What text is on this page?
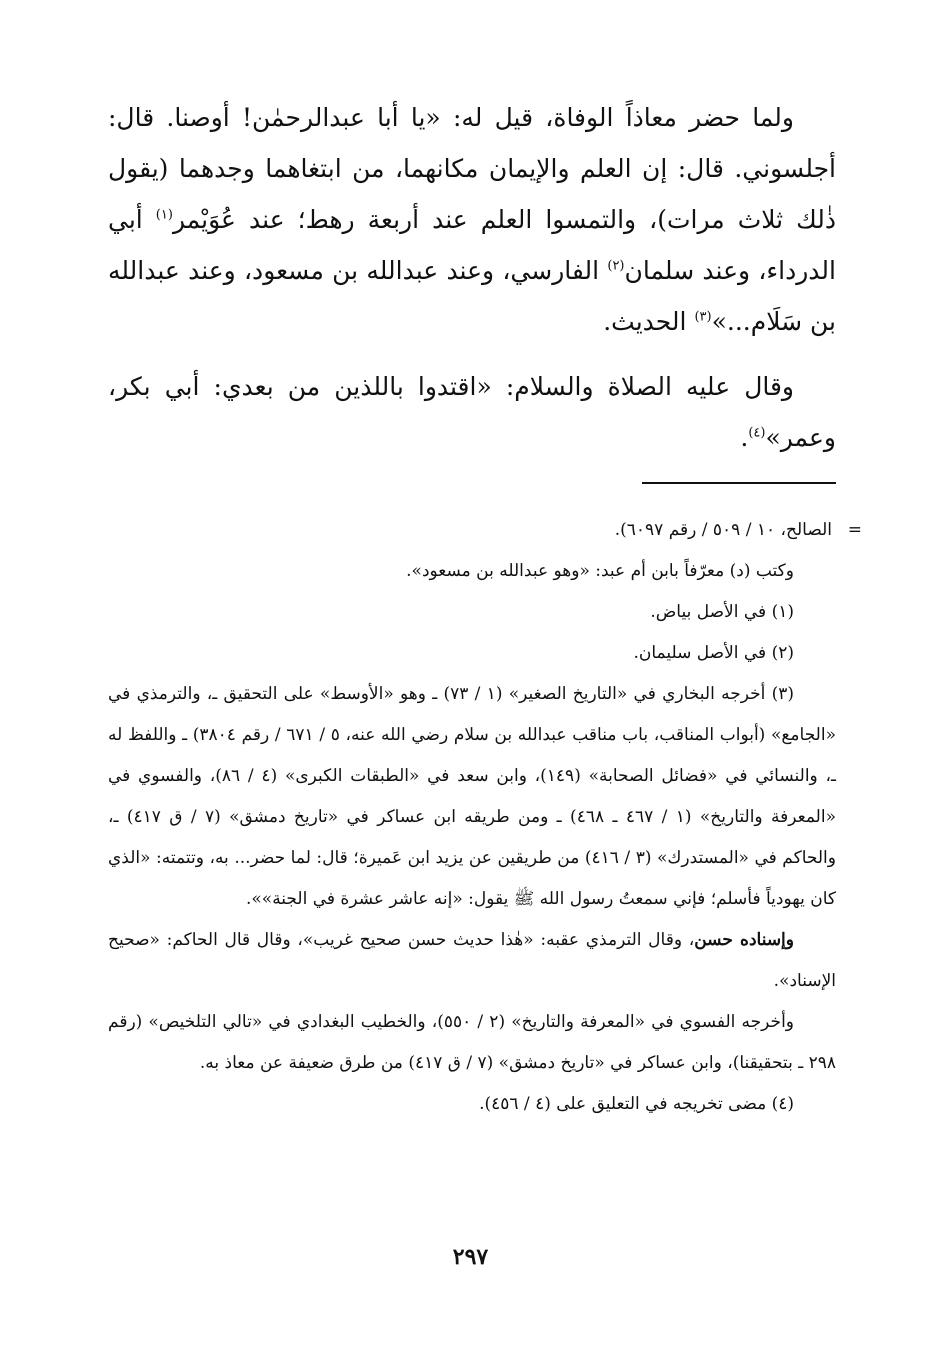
ولما حضر معاذاً الوفاة، قيل له: «يا أبا عبدالرحمٰن! أوصنا. قال: أجلسوني. قال: إن العلم والإيمان مكانهما، من ابتغاهما وجدهما (يقول ذٰلك ثلاث مرات)، والتمسوا العلم عند أربعة رهط؛ عند عُوَيْمر$^{(١)}$ أبي الدرداء، وعند سلمان$^{(٢)}$ الفارسي، وعند عبدالله بن مسعود، وعند عبدالله بن سَلَام...»$^{(٣)}$ الحديث.

وقال عليه الصلاة والسلام: «اقتدوا باللذين من بعدي: أبي بكر، وعمر»$^{(٤)}$.

=الصالح، ١٠ / ٥٠٩ / رقم ٦٠٩٧).

وكتب (د) معرّفاً بابن أم عبد: «وهو عبدالله بن مسعود».

(١) في الأصل بياض.

(٢) في الأصل سليمان.

(٣) أخرجه البخاري في «التاريخ الصغير» (١ / ٧٣) ـ وهو «الأوسط» على التحقيق ـ، والترمذي في «الجامع» (أبواب المناقب، باب مناقب عبدالله بن سلام رضي الله عنه، ٥ / ٦٧١ / رقم ٣٨٠٤) ـ واللفظ له ـ، والنسائي في «فضائل الصحابة» (١٤٩)، وابن سعد في «الطبقات الكبرى» (٤ / ٨٦)، والفسوي في «المعرفة والتاريخ» (١ / ٤٦٧ ـ ٤٦٨) ـ ومن طريقه ابن عساكر في «تاريخ دمشق» (٧ / ق ٤١٧) ـ، والحاكم في «المستدرك» (٣ / ٤١٦) من طريقين عن يزيد ابن عَميرة؛ قال: لما حضر... به، وتتمته: «الذي كان يهودياً فأسلم؛ فإني سمعتُ رسول الله ﷺ يقول: «إنه عاشر عشرة في الجنة»».

وإسناده حسن، وقال الترمذي عقبه: «هٰذا حديث حسن صحيح غريب»، وقال قال الحاكم: «صحيح الإسناد».

وأخرجه الفسوي في «المعرفة والتاريخ» (٢ / ٥٥٠)، والخطيب البغدادي في «تالي التلخيص» (رقم ٢٩٨ ـ بتحقيقنا)، وابن عساكر في «تاريخ دمشق» (٧ / ق ٤١٧) من طرق ضعيفة عن معاذ به.

(٤) مضى تخريجه في التعليق على (٤ / ٤٥٦).

٢٩٧
